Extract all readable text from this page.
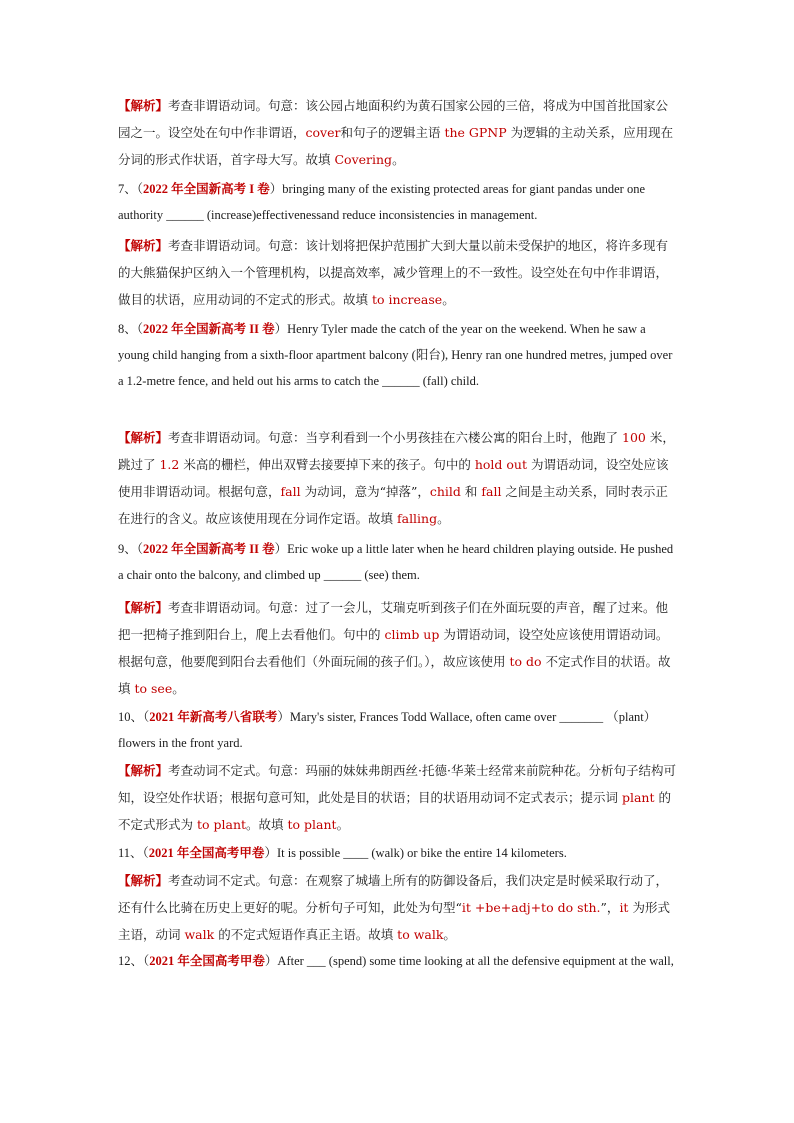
【解析】考查非谓语动词。句意：该公园占地面积约为黄石国家公园的三倍，将成为中国首批国家公园之一。设空处在句中作非谓语，cover和句子的逻辑主语 the GPNP 为逻辑的主动关系，应用现在分词的形式作状语，首字母大写。故填 Covering。
7、（2022 年全国新高考 I 卷）bringing many of the existing protected areas for giant pandas under one authority ______ (increase)effectivenessand reduce inconsistencies in management.
【解析】考查非谓语动词。句意：该计划将把保护范围扩大到大量以前未受保护的地区，将许多现有的大熊猫保护区纳入一个管理机构，以提高效率，减少管理上的不一致性。设空处在句中作非谓语，做目的状语，应用动词的不定式的形式。故填 to increase。
8、（2022 年全国新高考 II 卷）Henry Tyler made the catch of the year on the weekend. When he saw a young child hanging from a sixth-floor apartment balcony (阳台), Henry ran one hundred metres, jumped over a 1.2-metre fence, and held out his arms to catch the ______ (fall) child.
【解析】考查非谓语动词。句意：当亨利看到一个小男孩挂在六楼公寓的阳台上时，他跑了 100 米，跳过了 1.2 米高的栅栏，伸出双臂去接要掉下来的孩子。句中的 hold out 为谓语动词，设空处应该使用非谓语动词。根据句意，fall 为动词，意为“掉落”，child 和 fall 之间是主动关系，同时表示正在进行的含义。故应该使用现在分词作定语。故填 falling。
9、（2022 年全国新高考 II 卷）Eric woke up a little later when he heard children playing outside. He pushed a chair onto the balcony, and climbed up ______ (see) them.
【解析】考查非谓语动词。句意：过了一会儿，艾瑞克听到孩子们在外面玩耍的声音，醒了过来。他把一把椅子推到阳台上，爬上去看他们。句中的 climb up 为谓语动词，设空处应该使用谓语动词。根据句意，他要爬到阳台去看他们（外面玩闹的孩子们。），故应该使用 to do 不定式作目的状语。故填 to see。
10、（2021 年新高考八省联考）Mary's sister, Frances Todd Wallace, often came over _______ （plant）flowers in the front yard.
【解析】考查动词不定式。句意：玛丽的妹妹弗朗西丝·托德·华莱士经常来前院种花。分析句子结构可知，设空处作状语；根据句意可知，此处是目的状语；目的状语用动词不定式表示；提示词 plant 的不定式形式为 to plant。故填 to plant。
11、（2021 年全国高考甲卷）It is possible ____ (walk) or bike the entire 14 kilometers.
【解析】考查动词不定式。句意：在观察了城墙上所有的防御设备后，我们决定是时候采取行动了，还有什么比骑在历史上更好的呢。分析句子可知，此处为句型“it +be+adj+to do sth.”，it 为形式主语，动词 walk 的不定式短语作真正主语。故填 to walk。
12、（2021 年全国高考甲卷）After ___ (spend) some time looking at all the defensive equipment at the wall,
